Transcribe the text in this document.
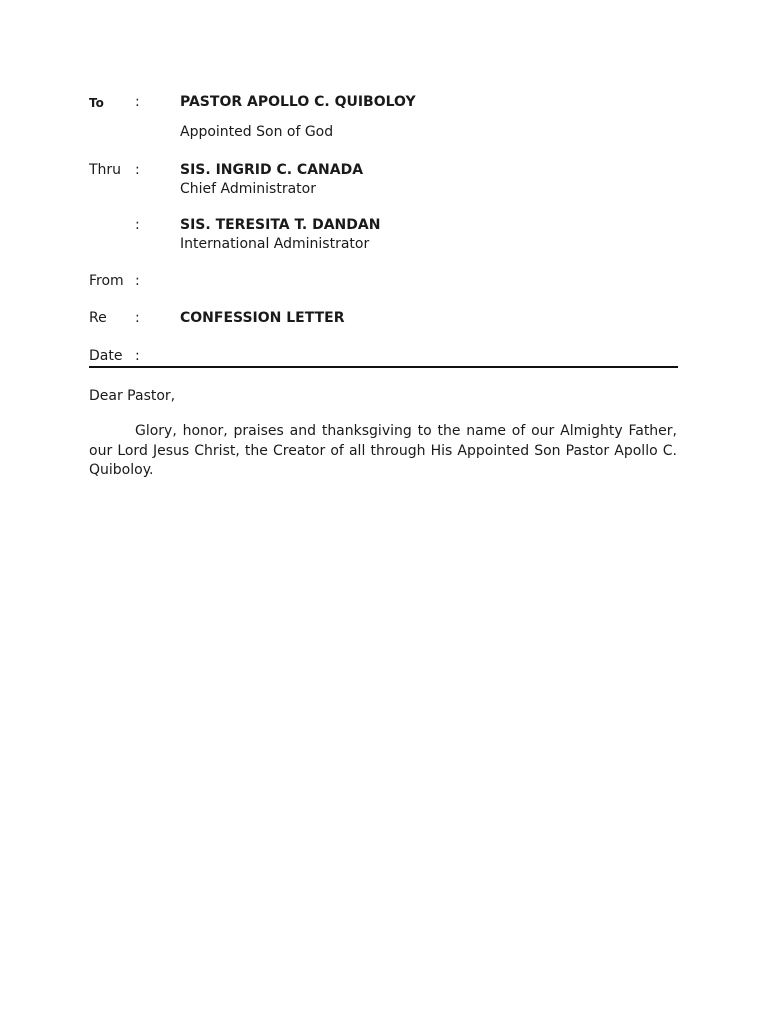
To :	PASTOR APOLLO C. QUIBOLOY
Appointed Son of God
Thru :	SIS. INGRID C. CANADA
Chief Administrator
:	SIS. TERESITA T. DANDAN
International Administrator
From :
Re :	CONFESSION LETTER
Date :
Dear Pastor,

Glory, honor, praises and thanksgiving to the name of our Almighty Father, our Lord Jesus Christ, the Creator of all through His Appointed Son Pastor Apollo C. Quiboloy.
